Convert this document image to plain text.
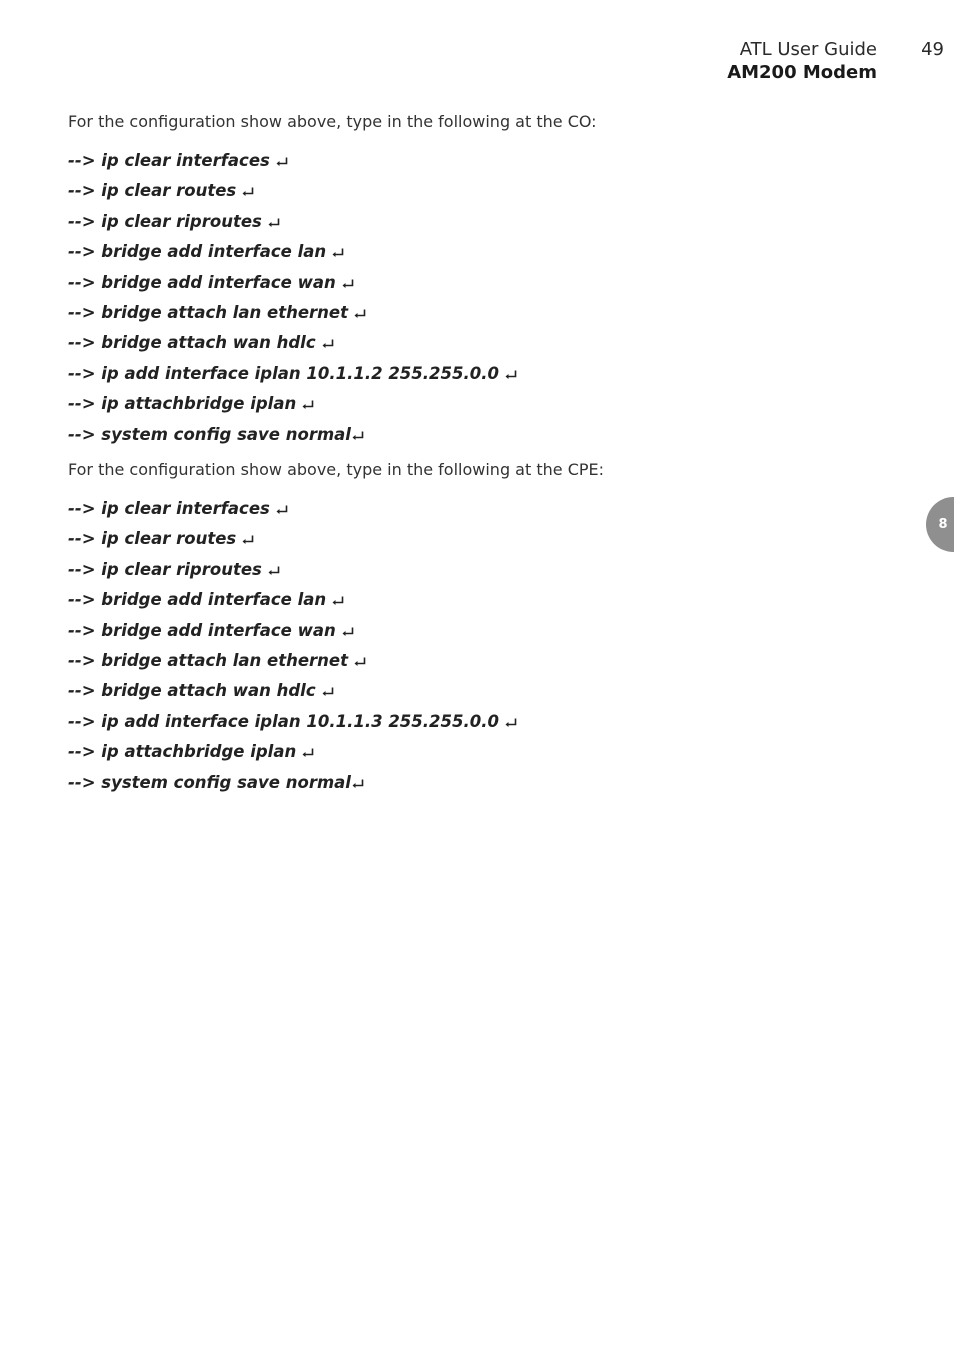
ATL User Guide
AM200 Modem
49
For the configuration show above, type in the following at the CO:
--> ip clear interfaces
--> ip clear routes
--> ip clear riproutes
--> bridge add interface lan
--> bridge add interface wan
--> bridge attach lan ethernet
--> bridge attach wan hdlc
--> ip add interface iplan 10.1.1.2 255.255.0.0
--> ip attachbridge iplan
--> system config save normal
For the configuration show above, type in the following at the CPE:
--> ip clear interfaces
--> ip clear routes
--> ip clear riproutes
--> bridge add interface lan
--> bridge add interface wan
--> bridge attach lan ethernet
--> bridge attach wan hdlc
--> ip add interface iplan 10.1.1.3 255.255.0.0
--> ip attachbridge iplan
--> system config save normal
8
